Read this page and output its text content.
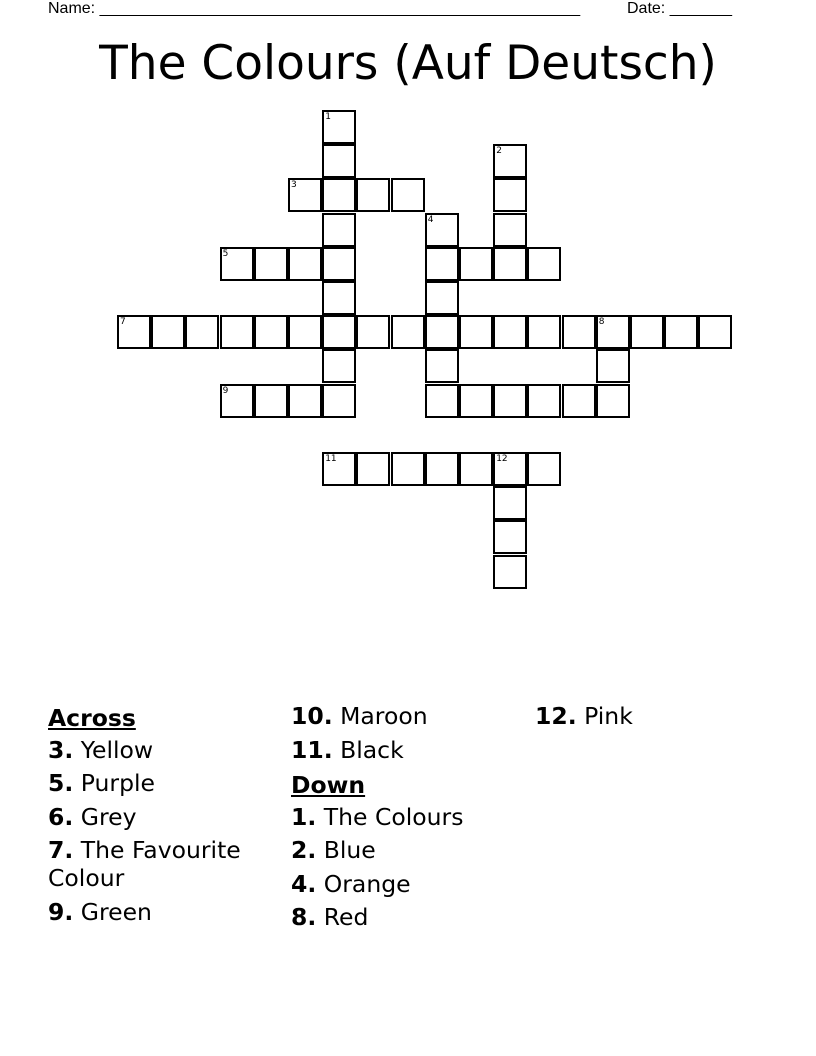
Name: ______________________________________________________	Date: _______
The Colours (Auf Deutsch)
1
2
3
4
5
7	8
9
11	12
Across
3. Yellow
5. Purple
6. Grey
7. The Favourite Colour
9. Green
10. Maroon
11. Black
Down
1. The Colours
2. Blue
4. Orange
8. Red
12. Pink
